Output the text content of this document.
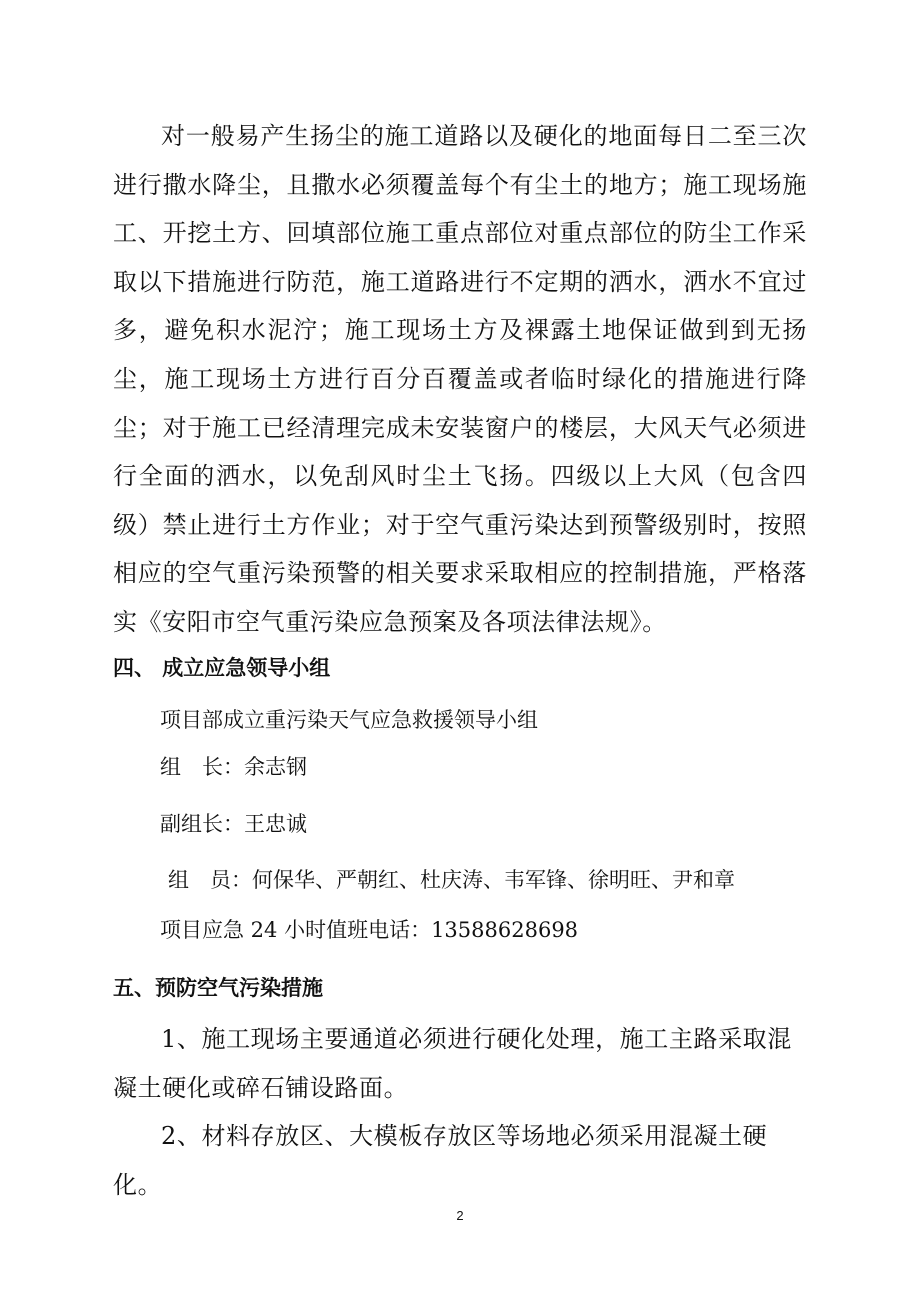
对一般易产生扬尘的施工道路以及硬化的地面每日二至三次进行撒水降尘，且撒水必须覆盖每个有尘土的地方；施工现场施工、开挖土方、回填部位施工重点部位对重点部位的防尘工作采取以下措施进行防范，施工道路进行不定期的洒水，洒水不宜过多，避免积水泥泞；施工现场土方及裸露土地保证做到到无扬尘，施工现场土方进行百分百覆盖或者临时绿化的措施进行降尘；对于施工已经清理完成未安装窗户的楼层，大风天气必须进行全面的洒水，以免刮风时尘土飞扬。四级以上大风（包含四级）禁止进行土方作业；对于空气重污染达到预警级别时，按照相应的空气重污染预警的相关要求采取相应的控制措施，严格落实《安阳市空气重污染应急预案及各项法律法规》。

四、 成立应急领导小组

项目部成立重污染天气应急救援领导小组

组　长：余志钢

副组长：王忠诚

组　员：何保华、严朝红、杜庆涛、韦军锋、徐明旺、尹和章

项目应急 24 小时值班电话：13588628698

五、预防空气污染措施

1、施工现场主要通道必须进行硬化处理，施工主路采取混凝土硬化或碎石铺设路面。

2、材料存放区、大模板存放区等场地必须采用混凝土硬化。

2
